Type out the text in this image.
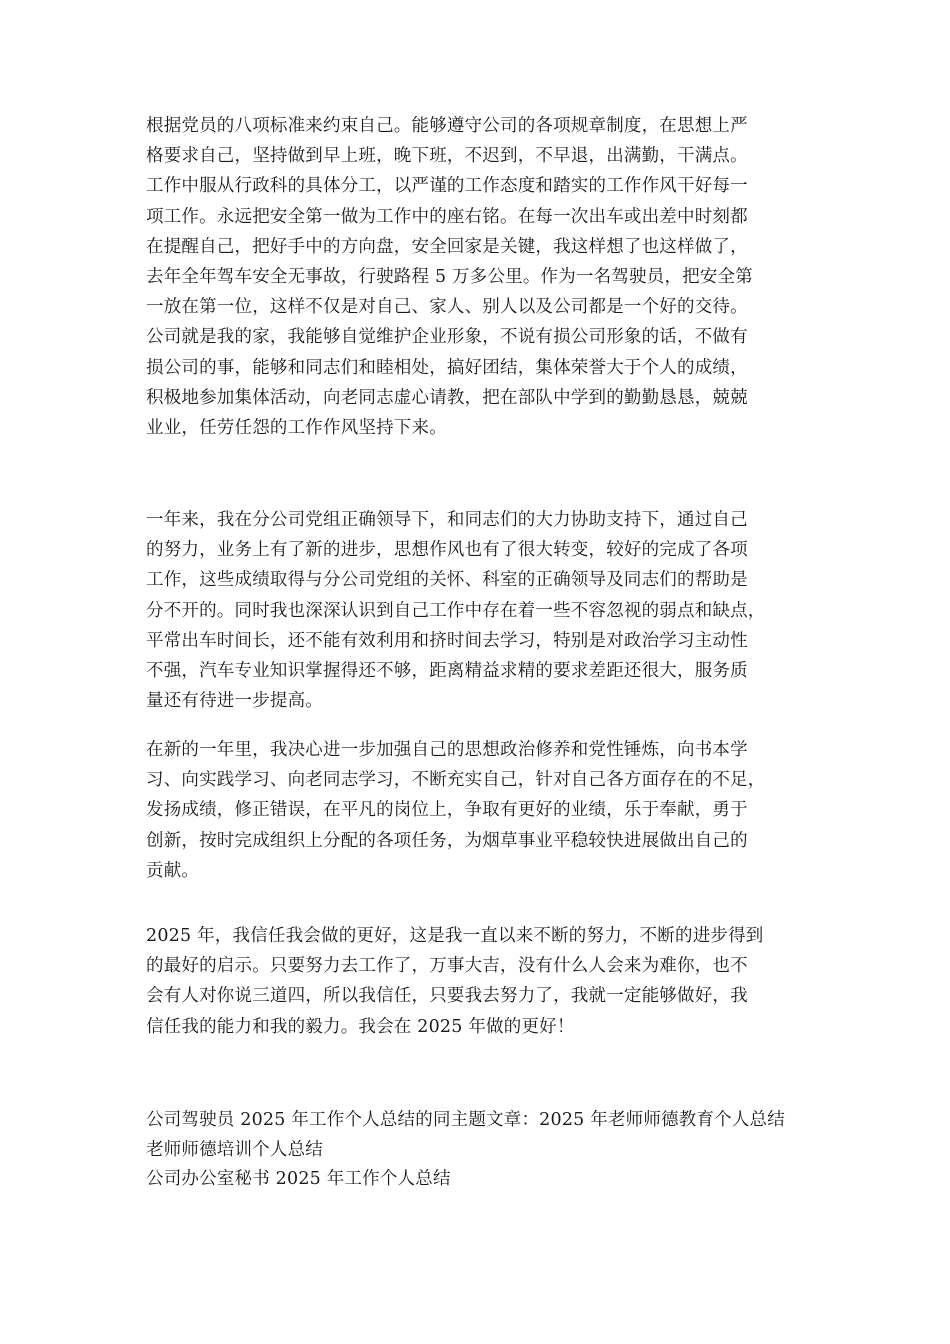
根据党员的八项标准来约束自己。能够遵守公司的各项规章制度，在思想上严
格要求自己，坚持做到早上班，晚下班，不迟到，不早退，出满勤，干满点。
工作中服从行政科的具体分工，以严谨的工作态度和踏实的工作作风干好每一
项工作。永远把安全第一做为工作中的座右铭。在每一次出车或出差中时刻都
在提醒自己，把好手中的方向盘，安全回家是关键，我这样想了也这样做了，
去年全年驾车安全无事故，行驶路程 5 万多公里。作为一名驾驶员，把安全第
一放在第一位，这样不仅是对自己、家人、别人以及公司都是一个好的交待。
公司就是我的家，我能够自觉维护企业形象，不说有损公司形象的话，不做有
损公司的事，能够和同志们和睦相处，搞好团结，集体荣誉大于个人的成绩，
积极地参加集体活动，向老同志虚心请教，把在部队中学到的勤勤恳恳，兢兢
业业，任劳任怨的工作作风坚持下来。
一年来，我在分公司党组正确领导下，和同志们的大力协助支持下，通过自己
的努力，业务上有了新的进步，思想作风也有了很大转变，较好的完成了各项
工作，这些成绩取得与分公司党组的关怀、科室的正确领导及同志们的帮助是
分不开的。同时我也深深认识到自己工作中存在着一些不容忽视的弱点和缺点，
平常出车时间长，还不能有效利用和挤时间去学习，特别是对政治学习主动性
不强，汽车专业知识掌握得还不够，距离精益求精的要求差距还很大，服务质
量还有待进一步提高。
在新的一年里，我决心进一步加强自己的思想政治修养和党性锤炼，向书本学
习、向实践学习、向老同志学习，不断充实自己，针对自己各方面存在的不足，
发扬成绩，修正错误，在平凡的岗位上，争取有更好的业绩，乐于奉献，勇于
创新，按时完成组织上分配的各项任务，为烟草事业平稳较快进展做出自己的
贡献。
2025 年，我信任我会做的更好，这是我一直以来不断的努力，不断的进步得到
的最好的启示。只要努力去工作了，万事大吉，没有什么人会来为难你，也不
会有人对你说三道四，所以我信任，只要我去努力了，我就一定能够做好，我
信任我的能力和我的毅力。我会在 2025 年做的更好！
公司驾驶员 2025 年工作个人总结的同主题文章：2025 年老师师德教育个人总结
老师师德培训个人总结
公司办公室秘书 2025 年工作个人总结
